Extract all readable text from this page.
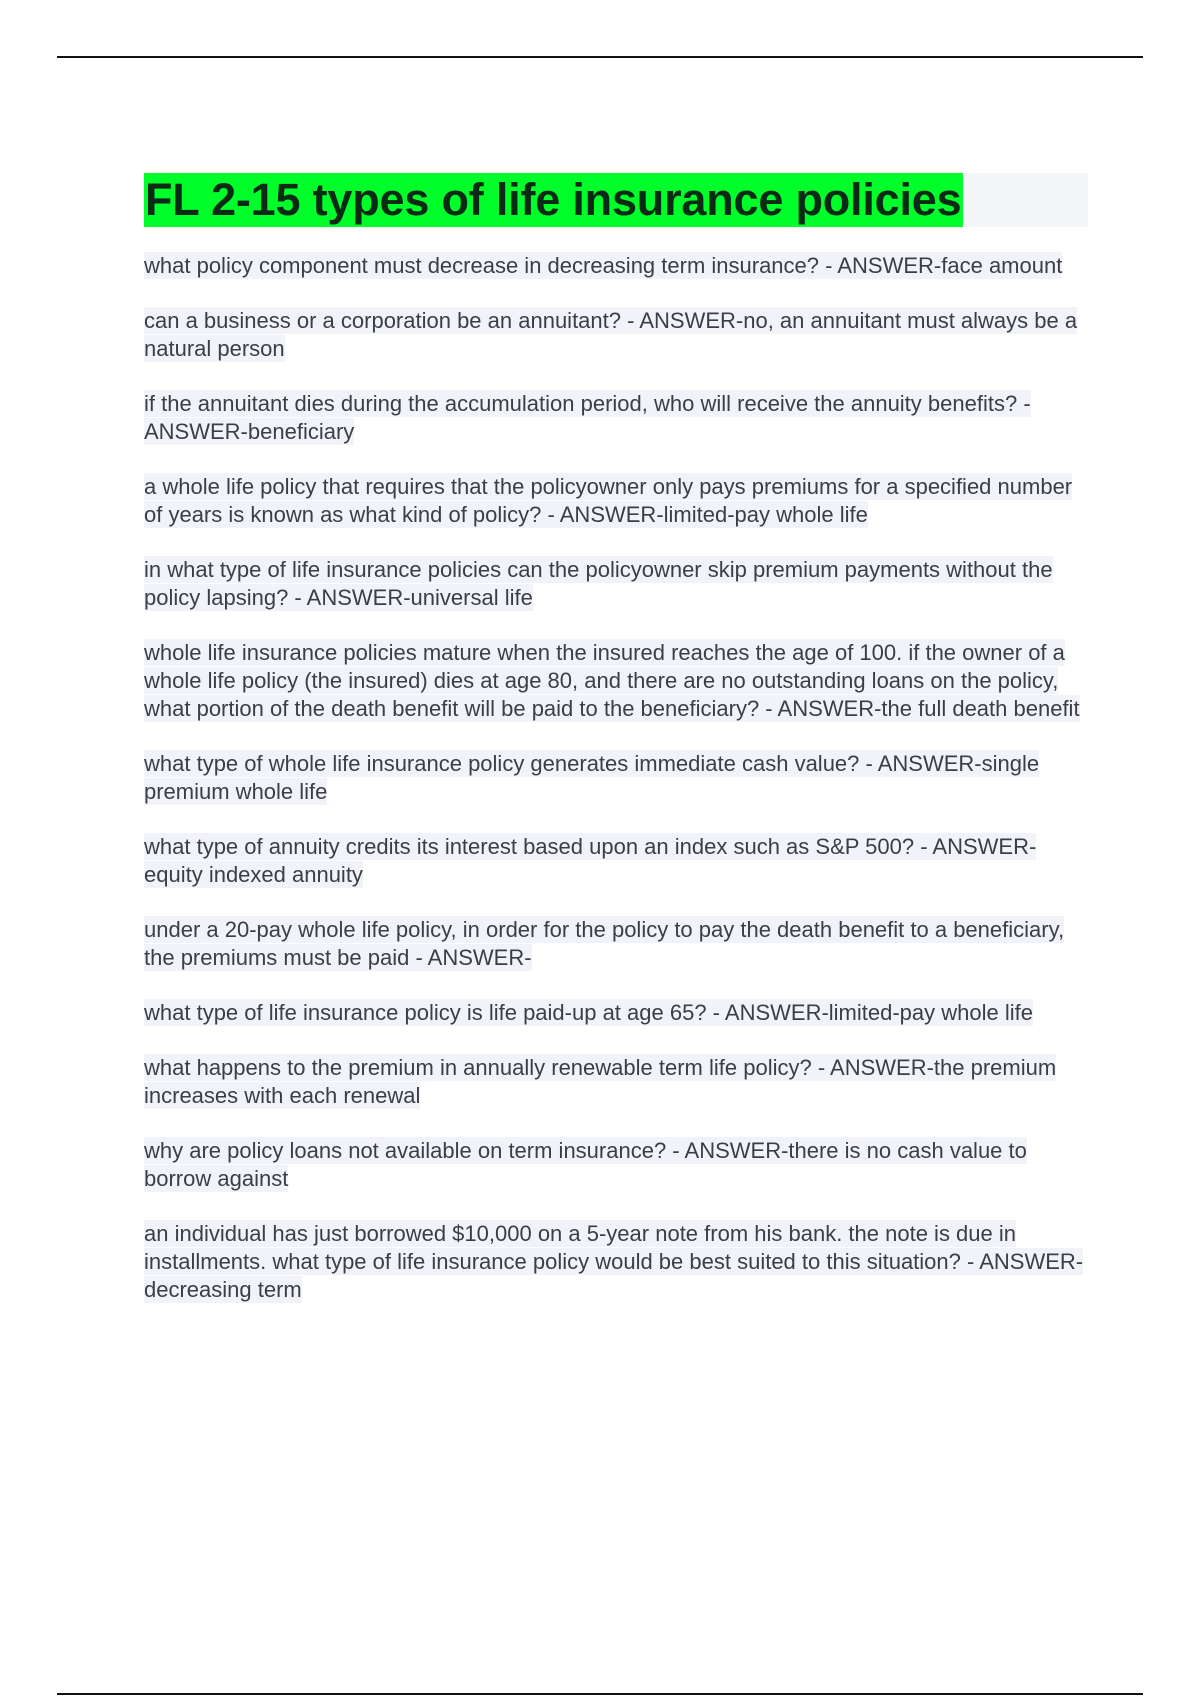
FL 2-15 types of life insurance policies
what policy component must decrease in decreasing term insurance? - ANSWER-face amount
can a business or a corporation be an annuitant? - ANSWER-no, an annuitant must always be a natural person
if the annuitant dies during the accumulation period, who will receive the annuity benefits? - ANSWER-beneficiary
a whole life policy that requires that the policyowner only pays premiums for a specified number of years is known as what kind of policy? - ANSWER-limited-pay whole life
in what type of life insurance policies can the policyowner skip premium payments without the policy lapsing? - ANSWER-universal life
whole life insurance policies mature when the insured reaches the age of 100. if the owner of a whole life policy (the insured) dies at age 80, and there are no outstanding loans on the policy, what portion of the death benefit will be paid to the beneficiary? - ANSWER-the full death benefit
what type of whole life insurance policy generates immediate cash value? - ANSWER-single premium whole life
what type of annuity credits its interest based upon an index such as S&P 500? - ANSWER-equity indexed annuity
under a 20-pay whole life policy, in order for the policy to pay the death benefit to a beneficiary, the premiums must be paid - ANSWER-
what type of life insurance policy is life paid-up at age 65? - ANSWER-limited-pay whole life
what happens to the premium in annually renewable term life policy? - ANSWER-the premium increases with each renewal
why are policy loans not available on term insurance? - ANSWER-there is no cash value to borrow against
an individual has just borrowed $10,000 on a 5-year note from his bank. the note is due in installments. what type of life insurance policy would be best suited to this situation? - ANSWER-decreasing term
